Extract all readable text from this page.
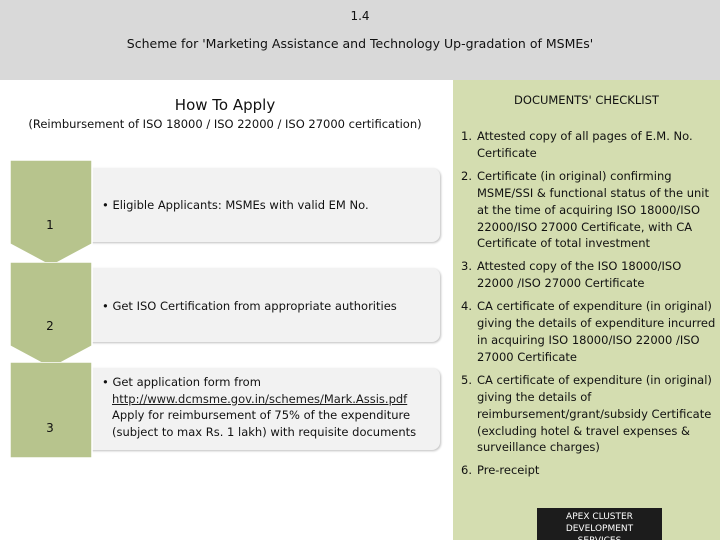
1.4
Scheme for 'Marketing Assistance and Technology Up-gradation of MSMEs'
How To Apply
(Reimbursement of ISO 18000 / ISO 22000 / ISO 27000 certification)
1
• Eligible Applicants: MSMEs with valid EM No.
2
• Get ISO Certification from appropriate authorities
3
• Get application form from
http://www.dcmsme.gov.in/schemes/Mark.Assis.pdf
Apply for reimbursement of 75% of the expenditure
(subject to max Rs. 1 lakh) with requisite documents
DOCUMENTS' CHECKLIST
1. Attested copy of all pages of E.M. No. Certificate
2. Certificate (in original) confirming MSME/SSI & functional status of the unit at the time of acquiring ISO 18000/ISO 22000/ISO 27000 Certificate, with CA Certificate of total investment
3. Attested copy of the ISO 18000/ISO 22000 /ISO 27000 Certificate
4. CA certificate of expenditure (in original) giving the details of expenditure incurred in acquiring ISO 18000/ISO 22000 /ISO 27000 Certificate
5. CA certificate of expenditure (in original) giving the details of reimbursement/grant/subsidy Certificate (excluding hotel & travel expenses & surveillance charges)
6. Pre-receipt
APEX CLUSTER DEVELOPMENT
SERVICES
